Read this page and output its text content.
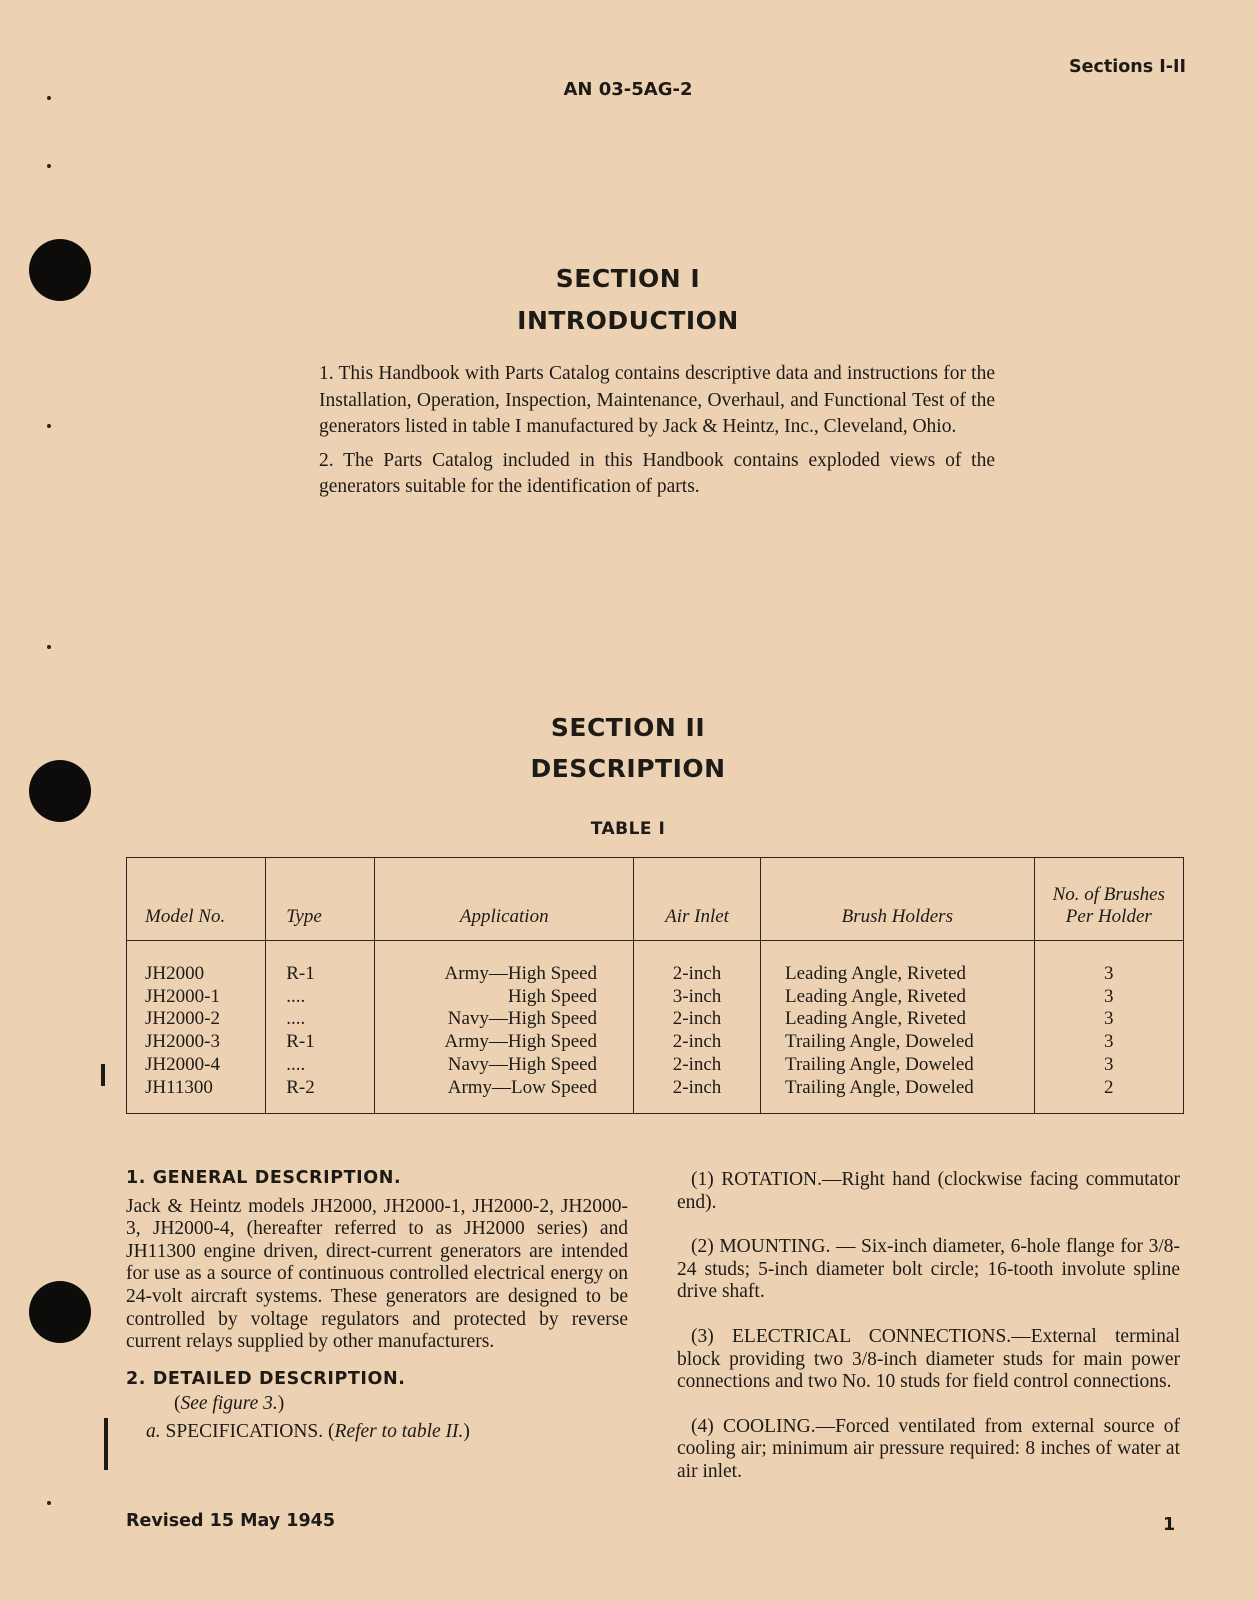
AN 03-5AG-2
Sections I-II
SECTION I
INTRODUCTION

1. This Handbook with Parts Catalog contains descriptive data and instructions for the Installation, Operation, Inspection, Maintenance, Overhaul, and Functional Test of the generators listed in table I manufactured by Jack & Heintz, Inc., Cleveland, Ohio.

2. The Parts Catalog included in this Handbook contains exploded views of the generators suitable for the identification of parts.

SECTION II
DESCRIPTION
TABLE I
Model No.	Type	Application	Air Inlet	Brush Holders	No. of Brushes Per Holder
JH2000	R-1	Army—High Speed	2-inch	Leading Angle, Riveted	3
JH2000-1	....	High Speed	3-inch	Leading Angle, Riveted	3
JH2000-2	....	Navy—High Speed	2-inch	Leading Angle, Riveted	3
JH2000-3	R-1	Army—High Speed	2-inch	Trailing Angle, Doweled	3
JH2000-4	....	Navy—High Speed	2-inch	Trailing Angle, Doweled	3
JH11300	R-2	Army—Low Speed	2-inch	Trailing Angle, Doweled	2
1. GENERAL DESCRIPTION.

Jack & Heintz models JH2000, JH2000-1, JH2000-2, JH2000-3, JH2000-4, (hereafter referred to as JH2000 series) and JH11300 engine driven, direct-current generators are intended for use as a source of continuous controlled electrical energy on 24-volt aircraft systems. These generators are designed to be controlled by voltage regulators and protected by reverse current relays supplied by other manufacturers.

2. DETAILED DESCRIPTION.
(See figure 3.)
a. SPECIFICATIONS. (Refer to table II.)

(1) ROTATION.—Right hand (clockwise facing commutator end).

(2) MOUNTING. — Six-inch diameter, 6-hole flange for 3/8-24 studs; 5-inch diameter bolt circle; 16-tooth involute spline drive shaft.

(3) ELECTRICAL CONNECTIONS.—External terminal block providing two 3/8-inch diameter studs for main power connections and two No. 10 studs for field control connections.

(4) COOLING.—Forced ventilated from external source of cooling air; minimum air pressure required: 8 inches of water at air inlet.

Revised 15 May 1945	1
